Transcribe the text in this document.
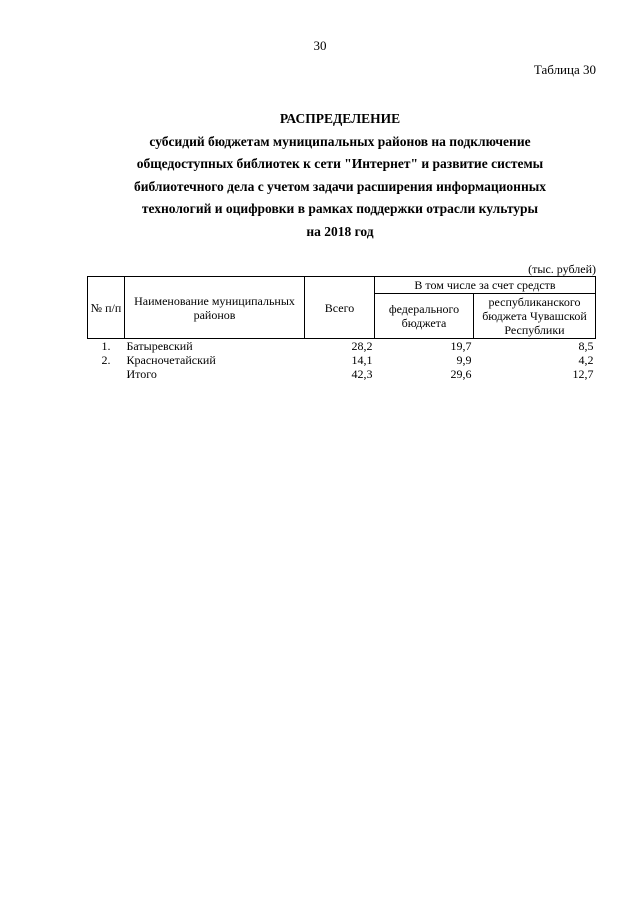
30
Таблица 30
РАСПРЕДЕЛЕНИЕ
субсидий бюджетам муниципальных районов на подключение
общедоступных библиотек к сети "Интернет" и развитие системы
библиотечного дела с учетом задачи расширения информационных
технологий и оцифровки в рамках поддержки отрасли культуры
на 2018 год
(тыс. рублей)
№ п/п	Наименование муниципальных районов	Всего	В том числе за счет средств	
			федерального бюджета	республиканского бюджета Чувашской Республики
1.	Батыревский	28,2	19,7	8,5
2.	Красночетайский	14,1	9,9	4,2
	Итого	42,3	29,6	12,7
